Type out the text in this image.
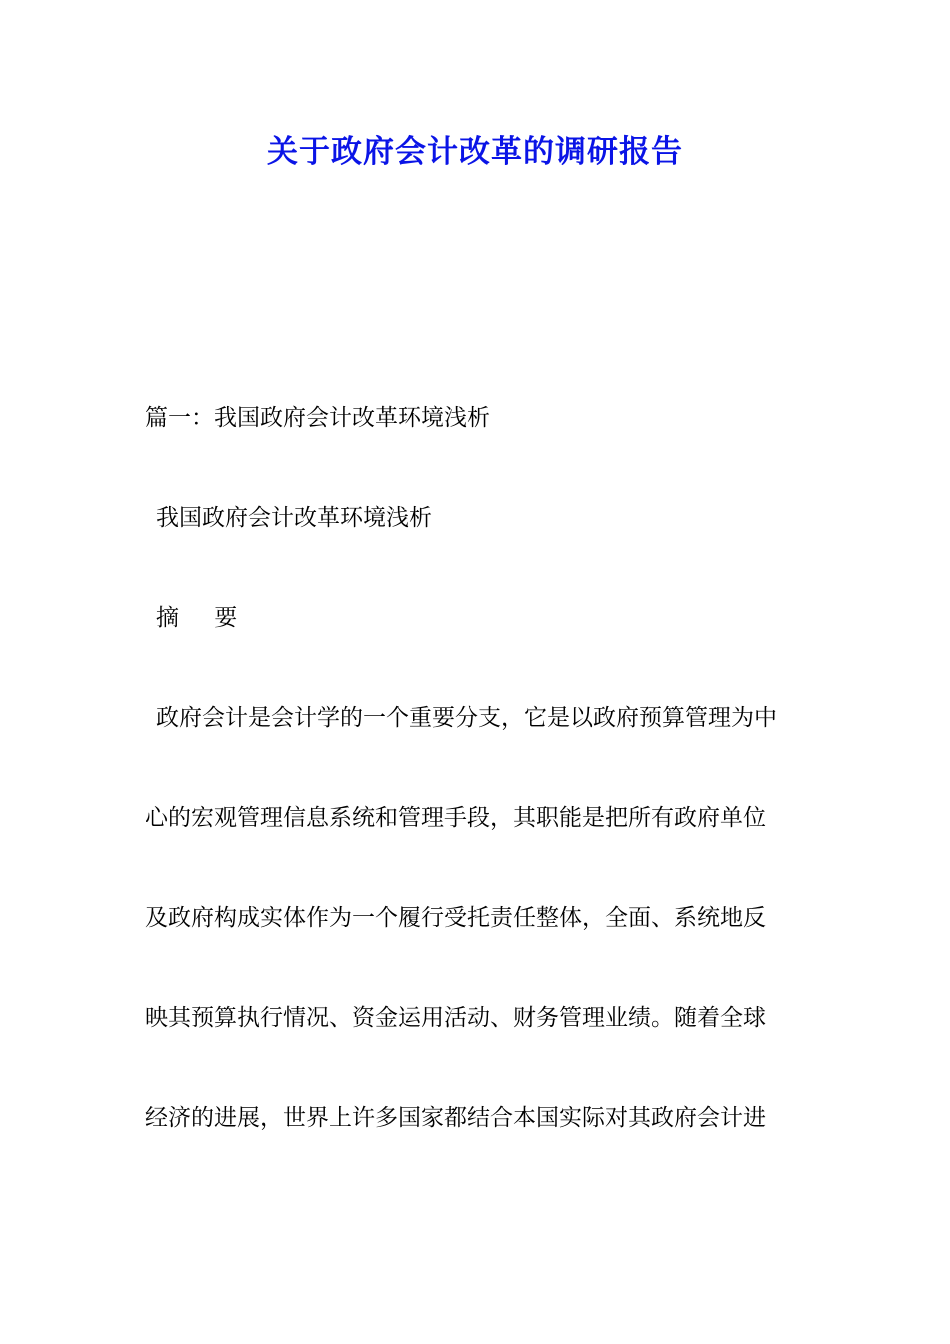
关于政府会计改革的调研报告
篇一：我国政府会计改革环境浅析
我国政府会计改革环境浅析
摘 要
政府会计是会计学的一个重要分支，它是以政府预算管理为中
心的宏观管理信息系统和管理手段，其职能是把所有政府单位
及政府构成实体作为一个履行受托责任整体，全面、系统地反
映其预算执行情况、资金运用活动、财务管理业绩。随着全球
经济的进展，世界上许多国家都结合本国实际对其政府会计进
